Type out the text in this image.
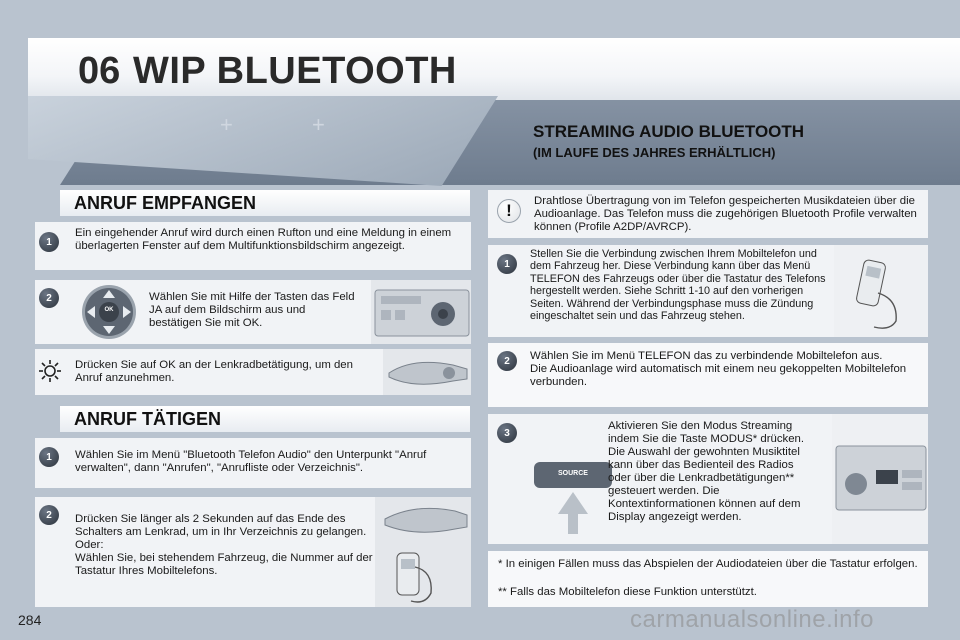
+	+
06 WIP BLUETOOTH
STREAMING AUDIO BLUETOOTH
(IM LAUFE DES JAHRES ERHÄLTLICH)
ANRUF EMPFANGEN
1
Ein eingehender Anruf wird durch einen Rufton und eine Meldung in einem überlagerten Fenster auf dem Multifunktionsbildschirm angezeigt.
2
OK
Wählen Sie mit Hilfe der Tasten das Feld JA auf dem Bildschirm aus und bestätigen Sie mit OK.
Drücken Sie auf OK an der Lenkradbetätigung, um den Anruf anzunehmen.
ANRUF TÄTIGEN
1	Wählen Sie im Menü "Bluetooth Telefon Audio" den Unterpunkt "Anruf verwalten", dann "Anrufen", "Anrufliste oder Verzeichnis".
2	Drücken Sie länger als 2 Sekunden auf das Ende des Schalters am Lenkrad, um in Ihr Verzeichnis zu gelangen.
Oder:
Wählen Sie, bei stehendem Fahrzeug, die Nummer auf der Tastatur Ihres Mobiltelefons.
!	Drahtlose Übertragung von im Telefon gespeicherten Musikdateien über die Audioanlage. Das Telefon muss die zugehörigen Bluetooth Profile verwalten können (Profile A2DP/AVRCP).
1
Stellen Sie die Verbindung zwischen Ihrem Mobiltelefon und dem Fahrzeug her. Diese Verbindung kann über das Menü TELEFON des Fahrzeugs oder über die Tastatur des Telefons hergestellt werden. Siehe Schritt 1-10 auf den vorherigen Seiten. Während der Verbindungsphase muss die Zündung eingeschaltet sein und das Fahrzeug stehen.
2	Wählen Sie im Menü TELEFON das zu verbindende Mobiltelefon aus.
Die Audioanlage wird automatisch mit einem neu gekoppelten Mobiltelefon verbunden.
3
SOURCE
Aktivieren Sie den Modus Streaming indem Sie die Taste MODUS* drücken. Die Auswahl der gewohnten Musiktitel kann über das Bedienteil des Radios oder über die Lenkradbetätigungen** gesteuert werden. Die Kontextinformationen können auf dem Display angezeigt werden.
* In einigen Fällen muss das Abspielen der Audiodateien über die Tastatur erfolgen.
** Falls das Mobiltelefon diese Funktion unterstützt.
284	carmanualsonline.info
